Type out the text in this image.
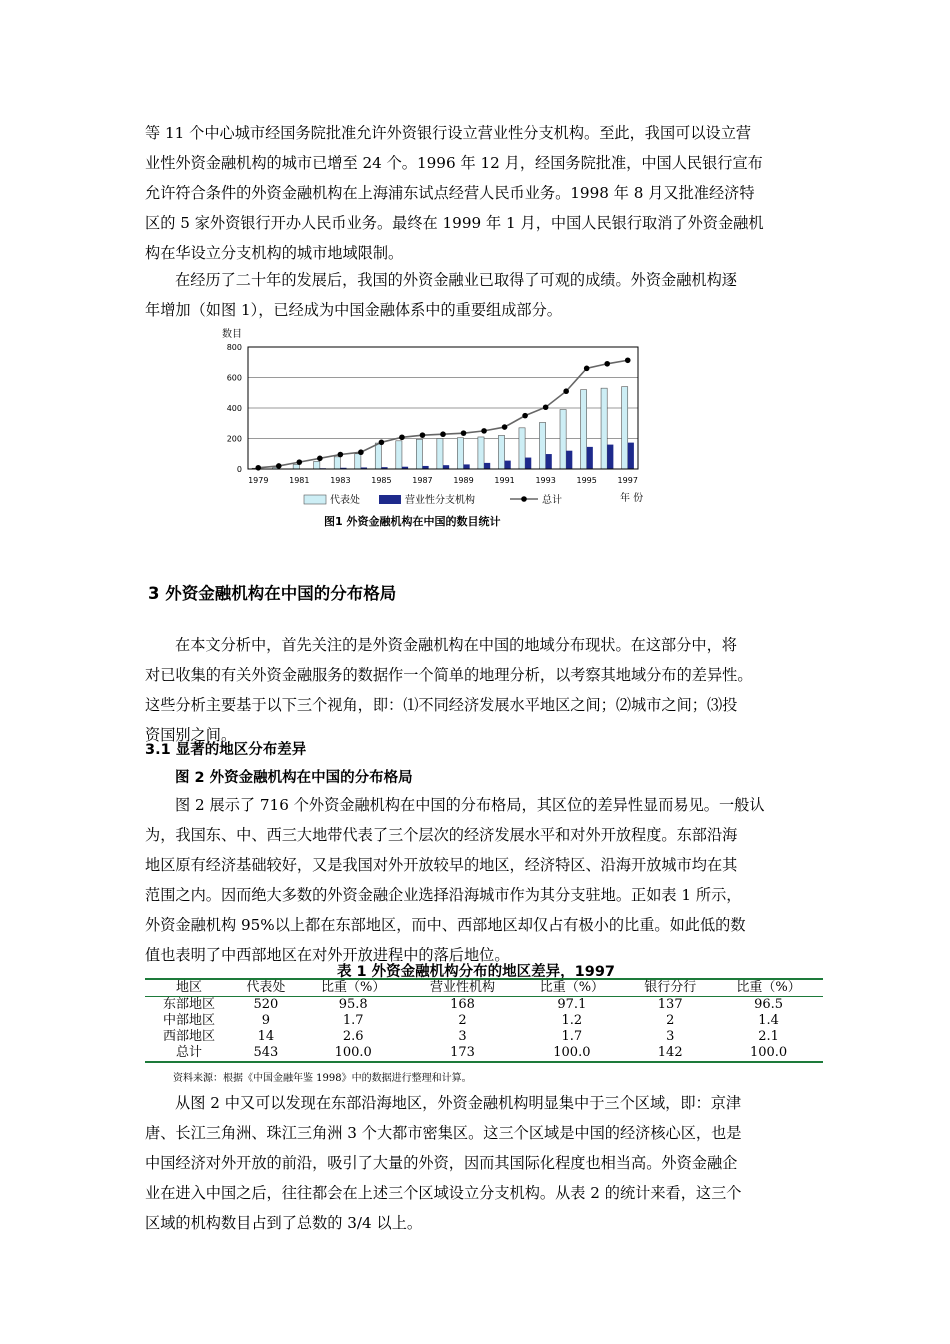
等 11 个中心城市经国务院批准允许外资银行设立营业性分支机构。至此，我国可以设立营
业性外资金融机构的城市已增至 24 个。1996 年 12 月，经国务院批准，中国人民银行宣布
允许符合条件的外资金融机构在上海浦东试点经营人民币业务。1998 年 8 月又批准经济特
区的 5 家外资银行开办人民币业务。最终在 1999 年 1 月，中国人民银行取消了外资金融机
构在华设立分支机构的城市地域限制。
在经历了二十年的发展后，我国的外资金融业已取得了可观的成绩。外资金融机构逐
年增加（如图 1），已经成为中国金融体系中的重要组成部分。
0
200
400
600
800
1979	1981	1983	1985	1987	1989	1991	1993	1995	1997
数目
年 份
代表处	营业性分支机构	总计
图1 外资金融机构在中国的数目统计
3 外资金融机构在中国的分布格局
在本文分析中，首先关注的是外资金融机构在中国的地域分布现状。在这部分中，将
对已收集的有关外资金融服务的数据作一个简单的地理分析，以考察其地域分布的差异性。
这些分析主要基于以下三个视角，即：⑴不同经济发展水平地区之间；⑵城市之间；⑶投
资国别之间。
3.1 显著的地区分布差异
图 2 外资金融机构在中国的分布格局
图 2 展示了 716 个外资金融机构在中国的分布格局，其区位的差异性显而易见。一般认
为，我国东、中、西三大地带代表了三个层次的经济发展水平和对外开放程度。东部沿海
地区原有经济基础较好，又是我国对外开放较早的地区，经济特区、沿海开放城市均在其
范围之内。因而绝大多数的外资金融企业选择沿海城市作为其分支驻地。正如表 1 所示，
外资金融机构 95%以上都在东部地区，而中、西部地区却仅占有极小的比重。如此低的数
值也表明了中西部地区在对外开放进程中的落后地位。
表 1 外资金融机构分布的地区差异，1997
地区	代表处	比重（%）	营业性机构	比重（%）	银行分行	比重（%）
东部地区	520	95.8	168	97.1	137	96.5
中部地区	9	1.7	2	1.2	2	1.4
西部地区	14	2.6	3	1.7	3	2.1
总计	543	100.0	173	100.0	142	100.0
资料来源：根据《中国金融年鉴 1998》中的数据进行整理和计算。
从图 2 中又可以发现在东部沿海地区，外资金融机构明显集中于三个区域，即：京津
唐、长江三角洲、珠江三角洲 3 个大都市密集区。这三个区域是中国的经济核心区，也是
中国经济对外开放的前沿，吸引了大量的外资，因而其国际化程度也相当高。外资金融企
业在进入中国之后，往往都会在上述三个区域设立分支机构。从表 2 的统计来看，这三个
区域的机构数目占到了总数的 3/4 以上。
